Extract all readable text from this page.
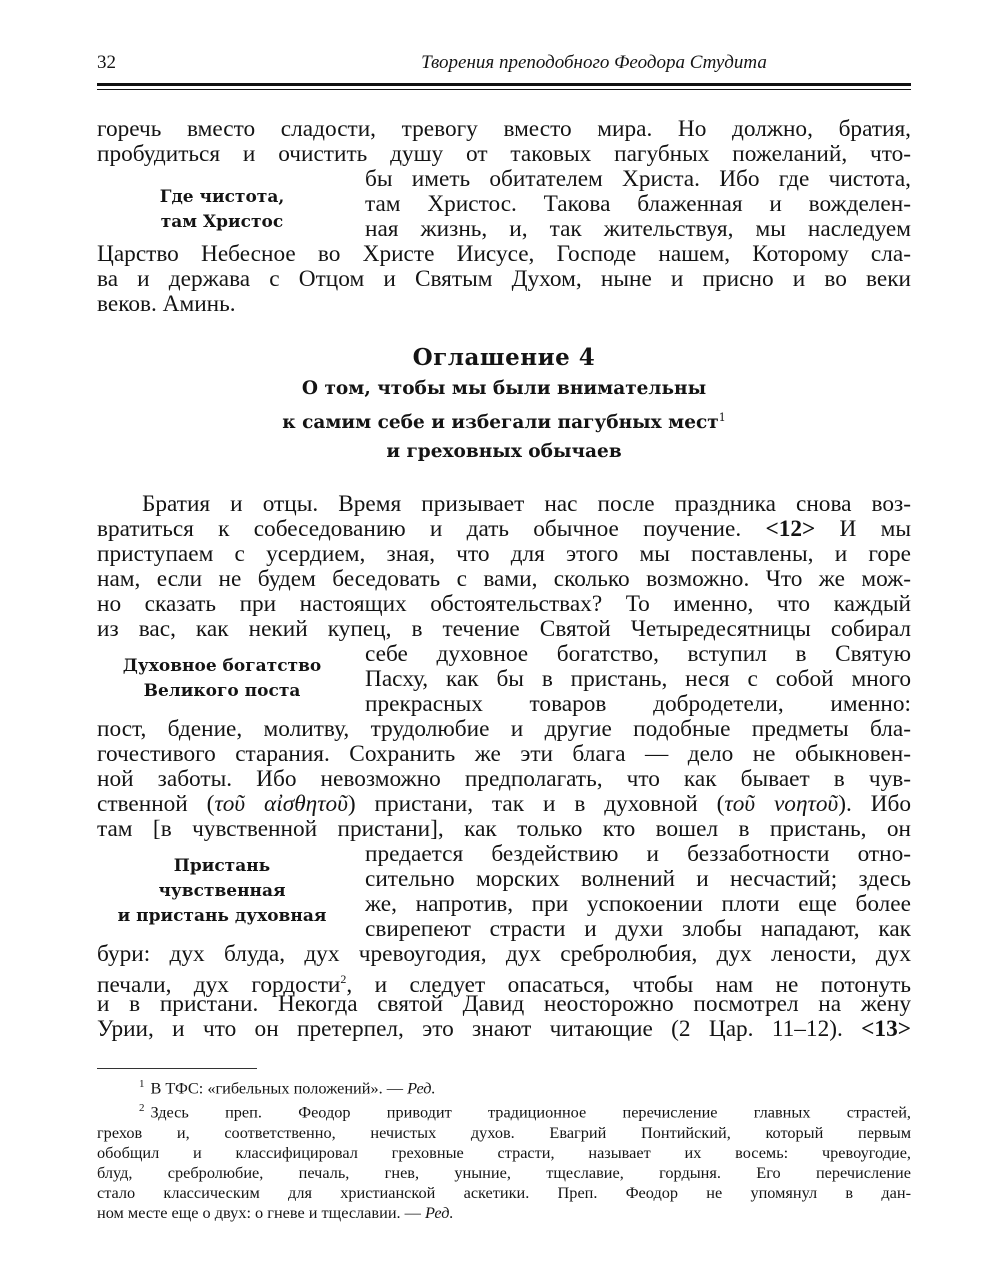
32	Творения преподобного Феодора Студита
горечь вместо сладости, тревогу вместо мира. Но должно, братия,
пробудиться и очистить душу от таковых пагубных пожеланий, что-
бы иметь обитателем Христа. Ибо где чистота,
там Христос. Такова блаженная и вожделен-
ная жизнь, и, так жительствуя, мы наследуем
Царство Небесное во Христе Иисусе, Господе нашем, Которому сла-
ва и держава с Отцом и Святым Духом, ныне и присно и во веки
веков. Аминь.
Где чистота,
там Христос
Оглашение 4
О том, чтобы мы были внимательны
к самим себе и избегали пагубных мест$^1$
и греховных обычаев
Братия и отцы. Время призывает нас после праздника снова воз-
вратиться к собеседованию и дать обычное поучение. <12> И мы
приступаем с усердием, зная, что для этого мы поставлены, и горе
нам, если не будем беседовать с вами, сколько возможно. Что же мож-
но сказать при настоящих обстоятельствах? То именно, что каждый
из вас, как некий купец, в течение Святой Четыредесятницы собирал
себе духовное богатство, вступил в Святую
Пасху, как бы в пристань, неся с собой много
прекрасных товаров добродетели, именно:
пост, бдение, молитву, трудолюбие и другие подобные предметы бла-
гочестивого старания. Сохранить же эти блага — дело не обыкновен-
ной заботы. Ибо невозможно предполагать, что как бывает в чув-
ственной (τοῦ αἰσθητοῦ) пристани, так и в духовной (τοῦ νοητοῦ). Ибо
там [в чувственной пристани], как только кто вошел в пристань, он
предается бездействию и беззаботности отно-
сительно морских волнений и несчастий; здесь
же, напротив, при успокоении плоти еще более
свирепеют страсти и духи злобы нападают, как
бури: дух блуда, дух чревоугодия, дух сребролюбия, дух лености, дух
печали, дух гордости$^2$, и следует опасаться, чтобы нам не потонуть
и в пристани. Некогда святой Давид неосторожно посмотрел на жену
Урии, и что он претерпел, это знают читающие (2 Цар. 11–12). <13>
Духовное богатство
Великого поста
Пристань
чувственная
и пристань духовная
$^1$ В ТФС: «гибельных положений». — Ред.
$^2$ Здесь преп. Феодор приводит традиционное перечисление главных страстей,
грехов и, соответственно, нечистых духов. Евагрий Понтийский, который первым
обобщил и классифицировал греховные страсти, называет их восемь: чревоугодие,
блуд, сребролюбие, печаль, гнев, уныние, тщеславие, гордыня. Его перечисление
стало классическим для христианской аскетики. Преп. Феодор не упомянул в дан-
ном месте еще о двух: о гневе и тщеславии. — Ред.
